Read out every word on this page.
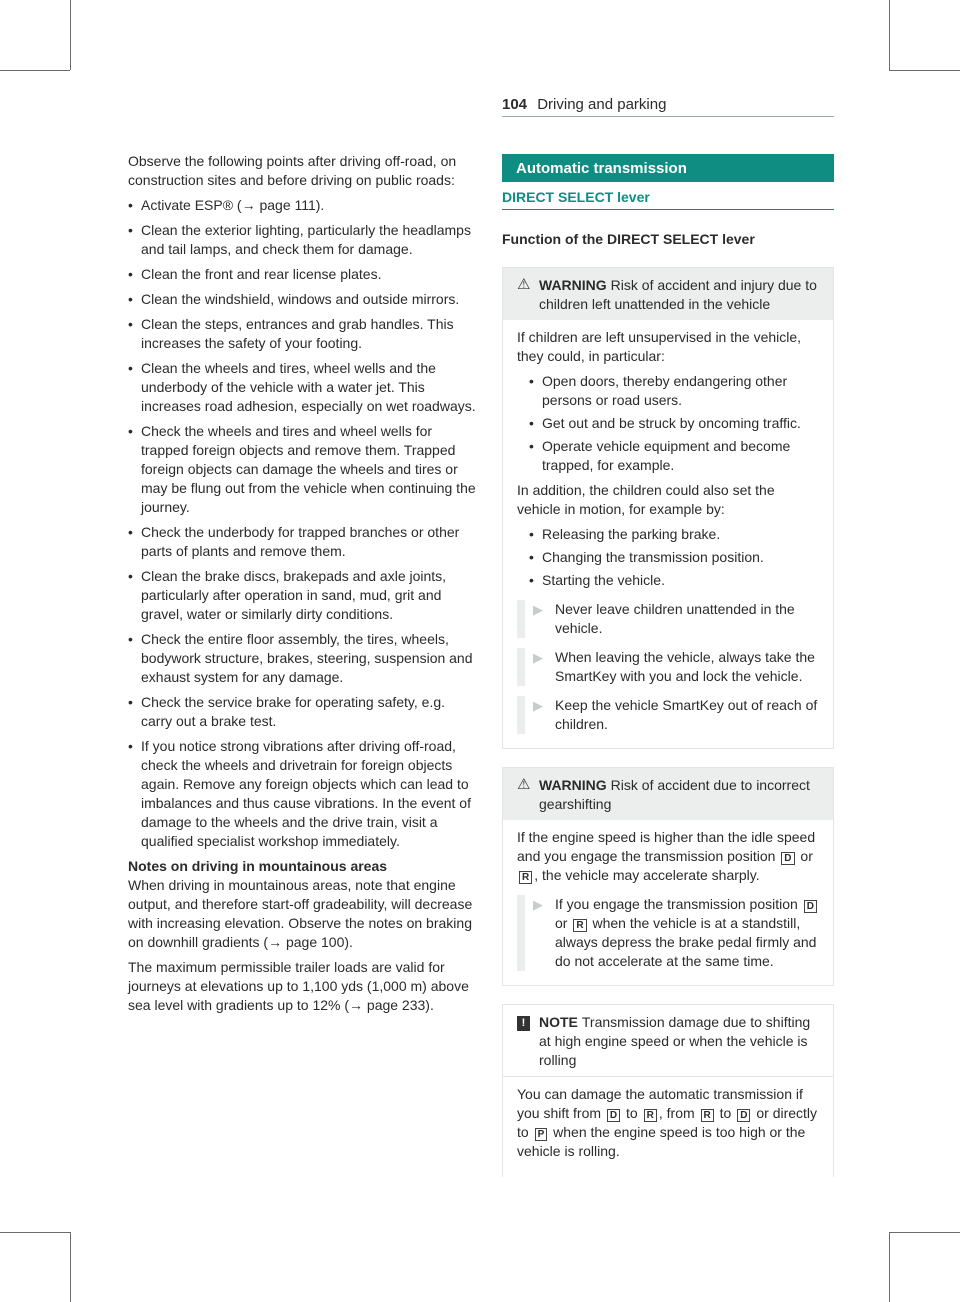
104 Driving and parking

Observe the following points after driving off-road, on construction sites and before driving on public roads:

• Activate ESP® (→ page 111).
• Clean the exterior lighting, particularly the headlamps and tail lamps, and check them for damage.
• Clean the front and rear license plates.
• Clean the windshield, windows and outside mirrors.
• Clean the steps, entrances and grab handles. This increases the safety of your footing.
• Clean the wheels and tires, wheel wells and the underbody of the vehicle with a water jet. This increases road adhesion, especially on wet roadways.
• Check the wheels and tires and wheel wells for trapped foreign objects and remove them. Trapped foreign objects can damage the wheels and tires or may be flung out from the vehicle when continuing the journey.
• Check the underbody for trapped branches or other parts of plants and remove them.
• Clean the brake discs, brakepads and axle joints, particularly after operation in sand, mud, grit and gravel, water or similarly dirty conditions.
• Check the entire floor assembly, the tires, wheels, bodywork structure, brakes, steering, suspension and exhaust system for any damage.
• Check the service brake for operating safety, e.g. carry out a brake test.
• If you notice strong vibrations after driving off-road, check the wheels and drivetrain for foreign objects again. Remove any foreign objects which can lead to imbalances and thus cause vibrations. In the event of damage to the wheels and the drive train, visit a qualified specialist workshop immediately.
Notes on driving in mountainous areas

When driving in mountainous areas, note that engine output, and therefore start-off gradeability, will decrease with increasing elevation. Observe the notes on braking on downhill gradients (→ page 100).

The maximum permissible trailer loads are valid for journeys at elevations up to 1,100 yds (1,000 m) above sea level with gradients up to 12% (→ page 233).

Automatic transmission
DIRECT SELECT lever
Function of the DIRECT SELECT lever
⚠ WARNING Risk of accident and injury due to children left unattended in the vehicle

If children are left unsupervised in the vehicle, they could, in particular:

• Open doors, thereby endangering other persons or road users.
• Get out and be struck by oncoming traffic.
• Operate vehicle equipment and become trapped, for example.

In addition, the children could also set the vehicle in motion, for example by:

• Releasing the parking brake.
• Changing the transmission position.
• Starting the vehicle.
▶ Never leave children unattended in the vehicle.
▶ When leaving the vehicle, always take the SmartKey with you and lock the vehicle.
▶ Keep the vehicle SmartKey out of reach of children.
⚠ WARNING Risk of accident due to incorrect gearshifting

If the engine speed is higher than the idle speed and you engage the transmission position D or R , the vehicle may accelerate sharply.

▶ If you engage the transmission position D or R when the vehicle is at a standstill, always depress the brake pedal firmly and do not accelerate at the same time.
! NOTE Transmission damage due to shifting at high engine speed or when the vehicle is rolling

You can damage the automatic transmission if you shift from D to R , from R to D or directly to P when the engine speed is too high or the vehicle is rolling.
